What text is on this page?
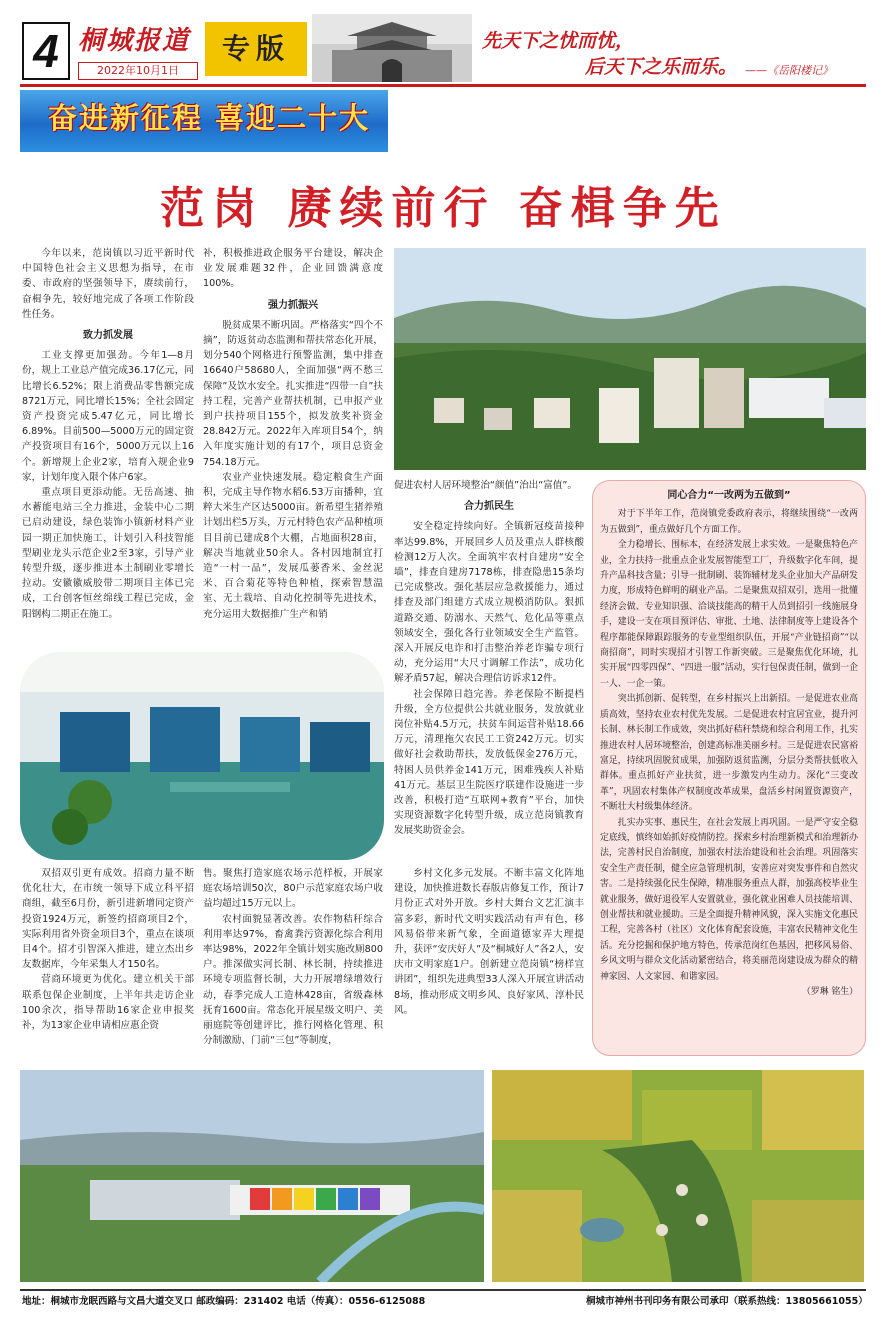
4 桐城报道
2022年10月1日
专版	先天下之忧而忧，
后天下之乐而乐。 ——《岳阳楼记》
奋进新征程 喜迎二十大
范岗 赓续前行 奋楫争先

今年以来，范岗镇以习近平新时代中国特色社会主义思想为指导，在市委、市政府的坚强领导下，赓续前行，奋楫争先，较好地完成了各项工作阶段性任务。

致力抓发展

工业支撑更加强劲。今年1—8月份，规上工业总产值完成36.17亿元，同比增长6.52%；限上消费品零售额完成8721万元，同比增长15%；全社会固定资产投资完成5.47亿元，同比增长6.89%。目前500—5000万元的固定资产投资项目有16个，5000万元以上16个。新增规上企业2家，培育入规企业9家，计划年度入限个体户6家。

重点项目更添动能。无岳高速、抽水蓄能电站三全力推进，金装中心二期已启动建设，绿色装饰小镇新材料产业园一期正加快施工，计划引入科技智能型刷业龙头示范企业2至3家，引导产业转型升级，逐步推进本土制刷业零增长拉动。安徽徽威胶带二期项目主体已完成，工台创客恒丝绵线工程已完成，金阳钢构二期正在施工。

补，积极推进政企服务平台建设，解决企业发展难题32件，企业回馈满意度100%。

强力抓振兴

脱贫成果不断巩固。严格落实“四个不摘”，防返贫动态监测和帮扶常态化开展，划分540个网格进行预警监测，集中排查16640户58680人，全面加强“两不愁三保障”及饮水安全。扎实推进“四带一自”扶持工程，完善产业帮扶机制，已申报产业到户扶持项目155个，拟发放奖补资金28.842万元。2022年入库项目54个，纳入年度实施计划的有17个，项目总资金754.18万元。

农业产业快速发展。稳定粮食生产面积，完成主导作物水稻6.53万亩播种，宜粹大米生产区达5000亩。新希望生猪养殖计划出栏5万头，万元村特色农产品种植项目目前已建成8个大棚，占地面积28亩，解决当地就业50余人。各村因地制宜打造“一村一品”，发展瓜蒌香米、金丝泥米、百合菊花等特色种植，探索智慧温室、无土栽培、自动化控制等先进技术，充分运用大数据推广生产和销

促进农村人居环境整治“颜值”治出“富值”。

合力抓民生

安全稳定持续向好。全镇新冠疫苗接种率达99.8%，开展回乡人员及重点人群核酸检测12万人次。全面筑牢农村自建房“安全墙”，排查自建房7178栋，排查隐患15条均已完成整改。强化基层应急救援能力，通过排查及部门组建方式成立规模消防队。狠抓道路交通、防溺水、天然气、危化品等重点领域安全，强化各行业领域安全生产监管。深入开展反电诈和打击整治养老诈骗专项行动，充分运用“大尺寸调解工作法”，成功化解矛盾57起，解决合理信访诉求12件。

社会保障日趋完善。养老保险不断提档升级，全方位提供公共就业服务，发放就业岗位补贴4.5万元，扶贫车间运营补贴18.66万元，清理拖欠农民工工资242万元。切实做好社会救助帮扶，发放低保金276万元，特困人员供养金141万元，困难残疾人补贴41万元。基层卫生院医疗联建作设施进一步改善，积极打造“互联网+教育”平台，加快实现资源数字化转型升级，成立范岗镇教育发展奖助资金会。

同心合力“一改两为五做到”

对于下半年工作，范岗镇党委政府表示，将继续围绕“一改两为五做到”，重点做好几个方面工作。

全力稳增长、围标本，在经济发展上求实效。一是聚焦特色产业，全力扶持一批重点企业发展智能型工厂，升级数字化车间，提升产品科技含量；引导一批制刷、装饰辅材龙头企业加大产品研发力度，形成特色鲜明的刷业产品。二是聚焦双招双引，选用一批懂经济会做、专业知识强、洽谈技能高的精干人员到招引一线施展身手，建设一支在项目预评估、审批、土地、法律制度等上建设各个程序都能保障跟踪服务的专业型组织队伍，开展“产业链招商”“以商招商”，同时实现招才引智工作新突破。三是聚焦优化环境，扎实开展“四零四保”、“四进一服”活动，实行包保责任制，做到一企一人、一企一策。

突出抓创新、促转型，在乡村振兴上出新招。一是促进农业高质高效，坚持农业农村优先发展。二是促进农村宜居宜业，提升河长制、林长制工作成效，突出抓好秸秆禁烧和综合利用工作，扎实推进农村人居环境整治，创建高标准美丽乡村。三是促进农民富裕富足，持续巩固脱贫成果，加强防返贫监测，分层分类帮扶低收入群体。重点抓好产业扶贫，进一步激发内生动力。深化“三变改革”，巩固农村集体产权制度改革成果，盘活乡村闲置资源资产，不断壮大村级集体经济。

扎实办实事、惠民生，在社会发展上再巩固。一是严守安全稳定底线，慎终如始抓好疫情防控。探索乡村治理新模式和治理新办法，完善村民自治制度，加强农村法治建设和社会治理。巩固落实安全生产责任制，健全应急管理机制，安善应对突发事件和自然灾害。二是持续强化民生保障，精准服务重点人群，加强高校毕业生就业服务，做好退役军人安置就业，强化就业困难人员技能培训、创业帮扶和就业援助。三是全面提升精神风貌，深入实施文化惠民工程，完善各村（社区）文化体育配套设施，丰富农民精神文化生活。充分挖掘和保护地方特色，传承范岗红色基因，把移风易俗、乡风文明与群众文化活动紧密结合，将美丽范岗建设成为群众的精神家园、人文家园、和谐家园。

（罗琳 铭生）

双招双引更有成效。招商力量不断优化壮大，在市统一领导下成立科平招商组，截至6月份，新引进新增同定资产投资1924万元，新签约招商项目2个，实际利用省外资金项目3个，重点在谈项目4个。招才引智深入推进，建立杰出乡友数据库，今年采集人才150名。

营商环境更为优化。建立机关干部联系包保企业制度，上半年共走访企业100余次，指导帮助16家企业申报奖补，为13家企业申请相应惠企资

售。聚焦打造家庭农场示范样板，开展家庭农场培训50次，80户示范家庭农场户收益均超过15万元以上。

农村面貌显著改善。农作物秸秆综合利用率达97%，畜禽粪污资源化综合利用率达98%，2022年全镇计划实施改厕800户。推深做实河长制、林长制，持续推进环境专项监督长制，大力开展增绿增效行动，春季完成人工造林428亩，省级森林抚育1600亩。常态化开展星级文明户、美丽庭院等创建评比，推行网格化管理、积分制激励、门前“三包”等制度，

乡村文化多元发展。不断丰富文化阵地建设，加快推进数长春版店修复工作，预计7月份正式对外开放。乡村大舞台文艺汇演丰富多彩，新时代文明实践活动有声有色，移风易俗带来新气象，全面道德家弄大理提升，获评“安庆好人”及“桐城好人”各2人，安庆市文明家庭1户。创新建立范岗镇“榜样宣讲团”，组织先进典型33人深入开展宣讲活动8场，推动形成文明乡风、良好家风、淳朴民风。

地址：桐城市龙眠西路与文昌大道交叉口 邮政编码：231402 电话（传真）：0556-6125088	桐城市神州书刊印务有限公司承印（联系热线：13805661055）
